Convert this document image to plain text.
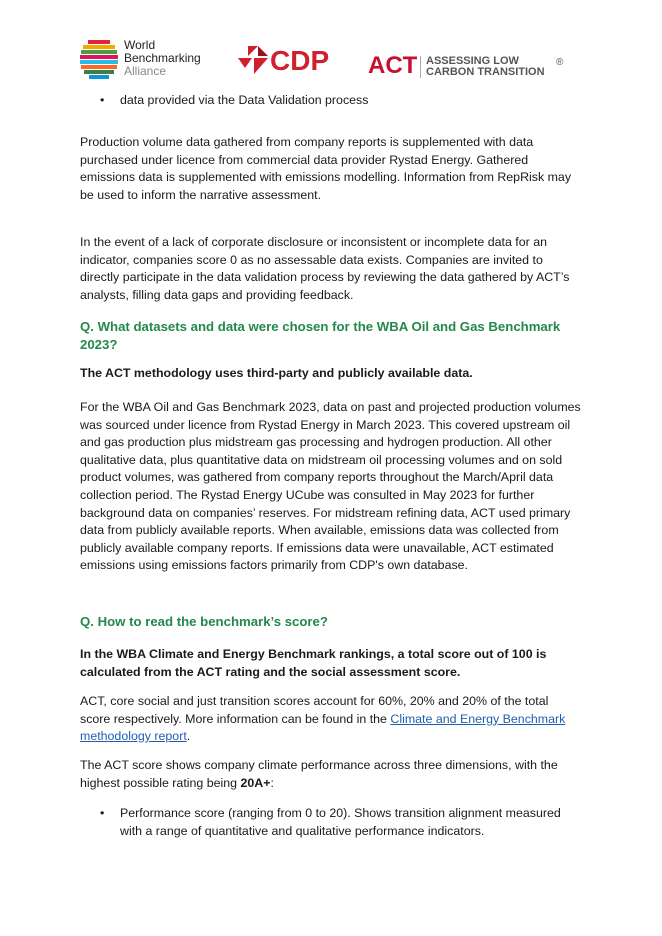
World
Benchmarking
Alliance	CDP ACT ASSESSING LOW
CARBON TRANSITION
®
• data provided via the Data Validation process

Production volume data gathered from company reports is supplemented with data purchased under licence from commercial data provider Rystad Energy. Gathered emissions data is supplemented with emissions modelling. Information from RepRisk may be used to inform the narrative assessment.

In the event of a lack of corporate disclosure or inconsistent or incomplete data for an indicator, companies score 0 as no assessable data exists. Companies are invited to directly participate in the data validation process by reviewing the data gathered by ACT’s analysts, filling data gaps and providing feedback.

Q. What datasets and data were chosen for the WBA Oil and Gas Benchmark 2023?

The ACT methodology uses third-party and publicly available data.

For the WBA Oil and Gas Benchmark 2023, data on past and projected production volumes was sourced under licence from Rystad Energy in March 2023. This covered upstream oil and gas production plus midstream gas processing and hydrogen production. All other qualitative data, plus quantitative data on midstream oil processing volumes and on sold product volumes, was gathered from company reports throughout the March/April data collection period. The Rystad Energy UCube was consulted in May 2023 for further background data on companies’ reserves. For midstream refining data, ACT used primary data from publicly available reports. When available, emissions data was collected from publicly available company reports. If emissions data were unavailable, ACT estimated emissions using emissions factors primarily from CDP's own database.

Q. How to read the benchmark’s score?

In the WBA Climate and Energy Benchmark rankings, a total score out of 100 is calculated from the ACT rating and the social assessment score.

ACT, core social and just transition scores account for 60%, 20% and 20% of the total score respectively. More information can be found in the Climate and Energy Benchmark methodology report.

The ACT score shows company climate performance across three dimensions, with the highest possible rating being 20A+:

• Performance score (ranging from 0 to 20). Shows transition alignment measured with a range of quantitative and qualitative performance indicators.
